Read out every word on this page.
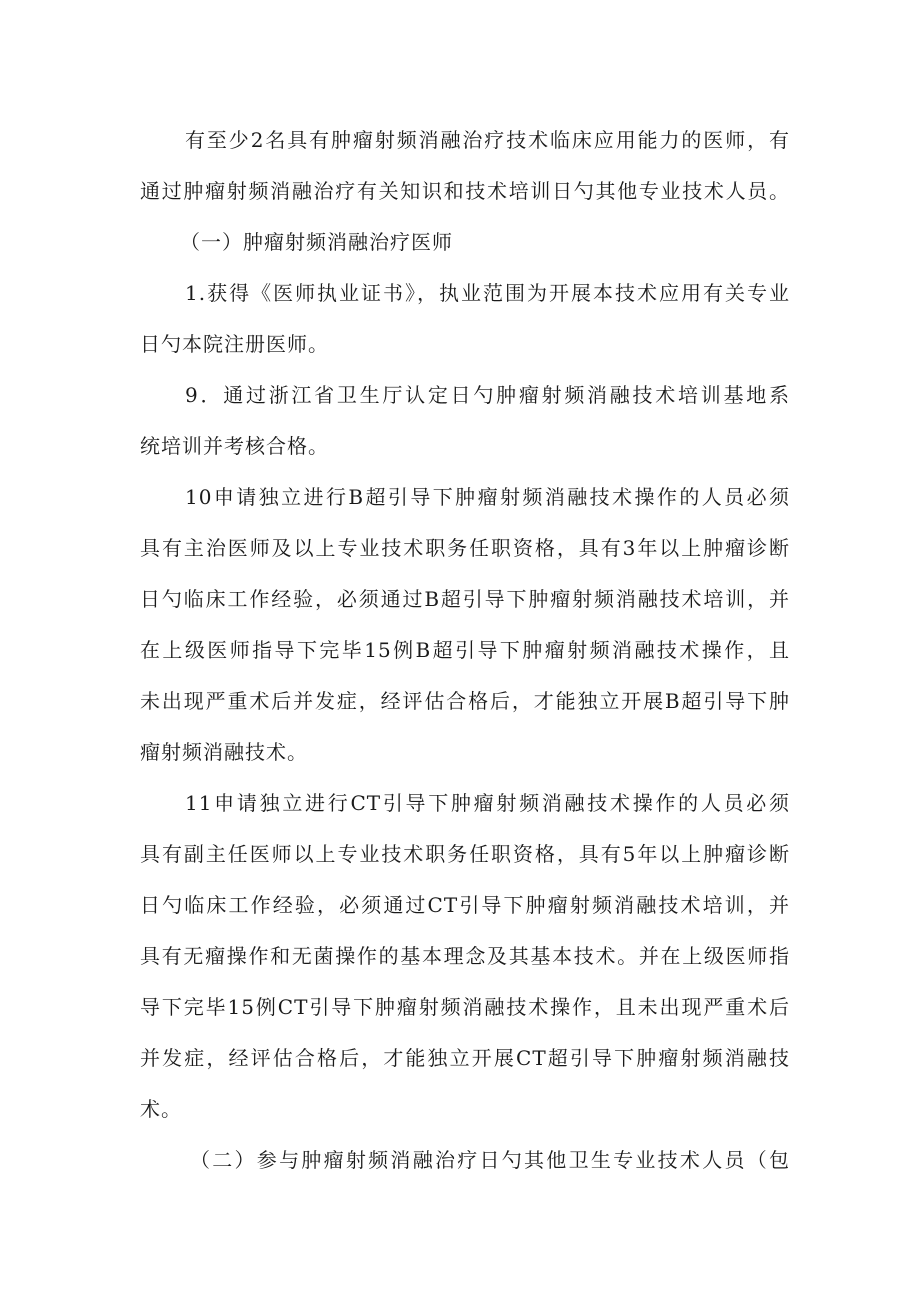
有至少2名具有肿瘤射频消融治疗技术临床应用能力的医师，有
通过肿瘤射频消融治疗有关知识和技术培训日勺其他专业技术人员。
（一）肿瘤射频消融治疗医师
1.获得《医师执业证书》，执业范围为开展本技术应用有关专业
日勺本院注册医师。
9．通过浙江省卫生厅认定日勺肿瘤射频消融技术培训基地系
统培训并考核合格。
10申请独立进行B超引导下肿瘤射频消融技术操作的人员必须
具有主治医师及以上专业技术职务任职资格，具有3年以上肿瘤诊断
日勺临床工作经验，必须通过B超引导下肿瘤射频消融技术培训，并
在上级医师指导下完毕15例B超引导下肿瘤射频消融技术操作，且
未出现严重术后并发症，经评估合格后，才能独立开展B超引导下肿
瘤射频消融技术。
11申请独立进行CT引导下肿瘤射频消融技术操作的人员必须
具有副主任医师以上专业技术职务任职资格，具有5年以上肿瘤诊断
日勺临床工作经验，必须通过CT引导下肿瘤射频消融技术培训，并
具有无瘤操作和无菌操作的基本理念及其基本技术。并在上级医师指
导下完毕15例CT引导下肿瘤射频消融技术操作，且未出现严重术后
并发症，经评估合格后，才能独立开展CT超引导下肿瘤射频消融技
术。
（二）参与肿瘤射频消融治疗日勺其他卫生专业技术人员（包
